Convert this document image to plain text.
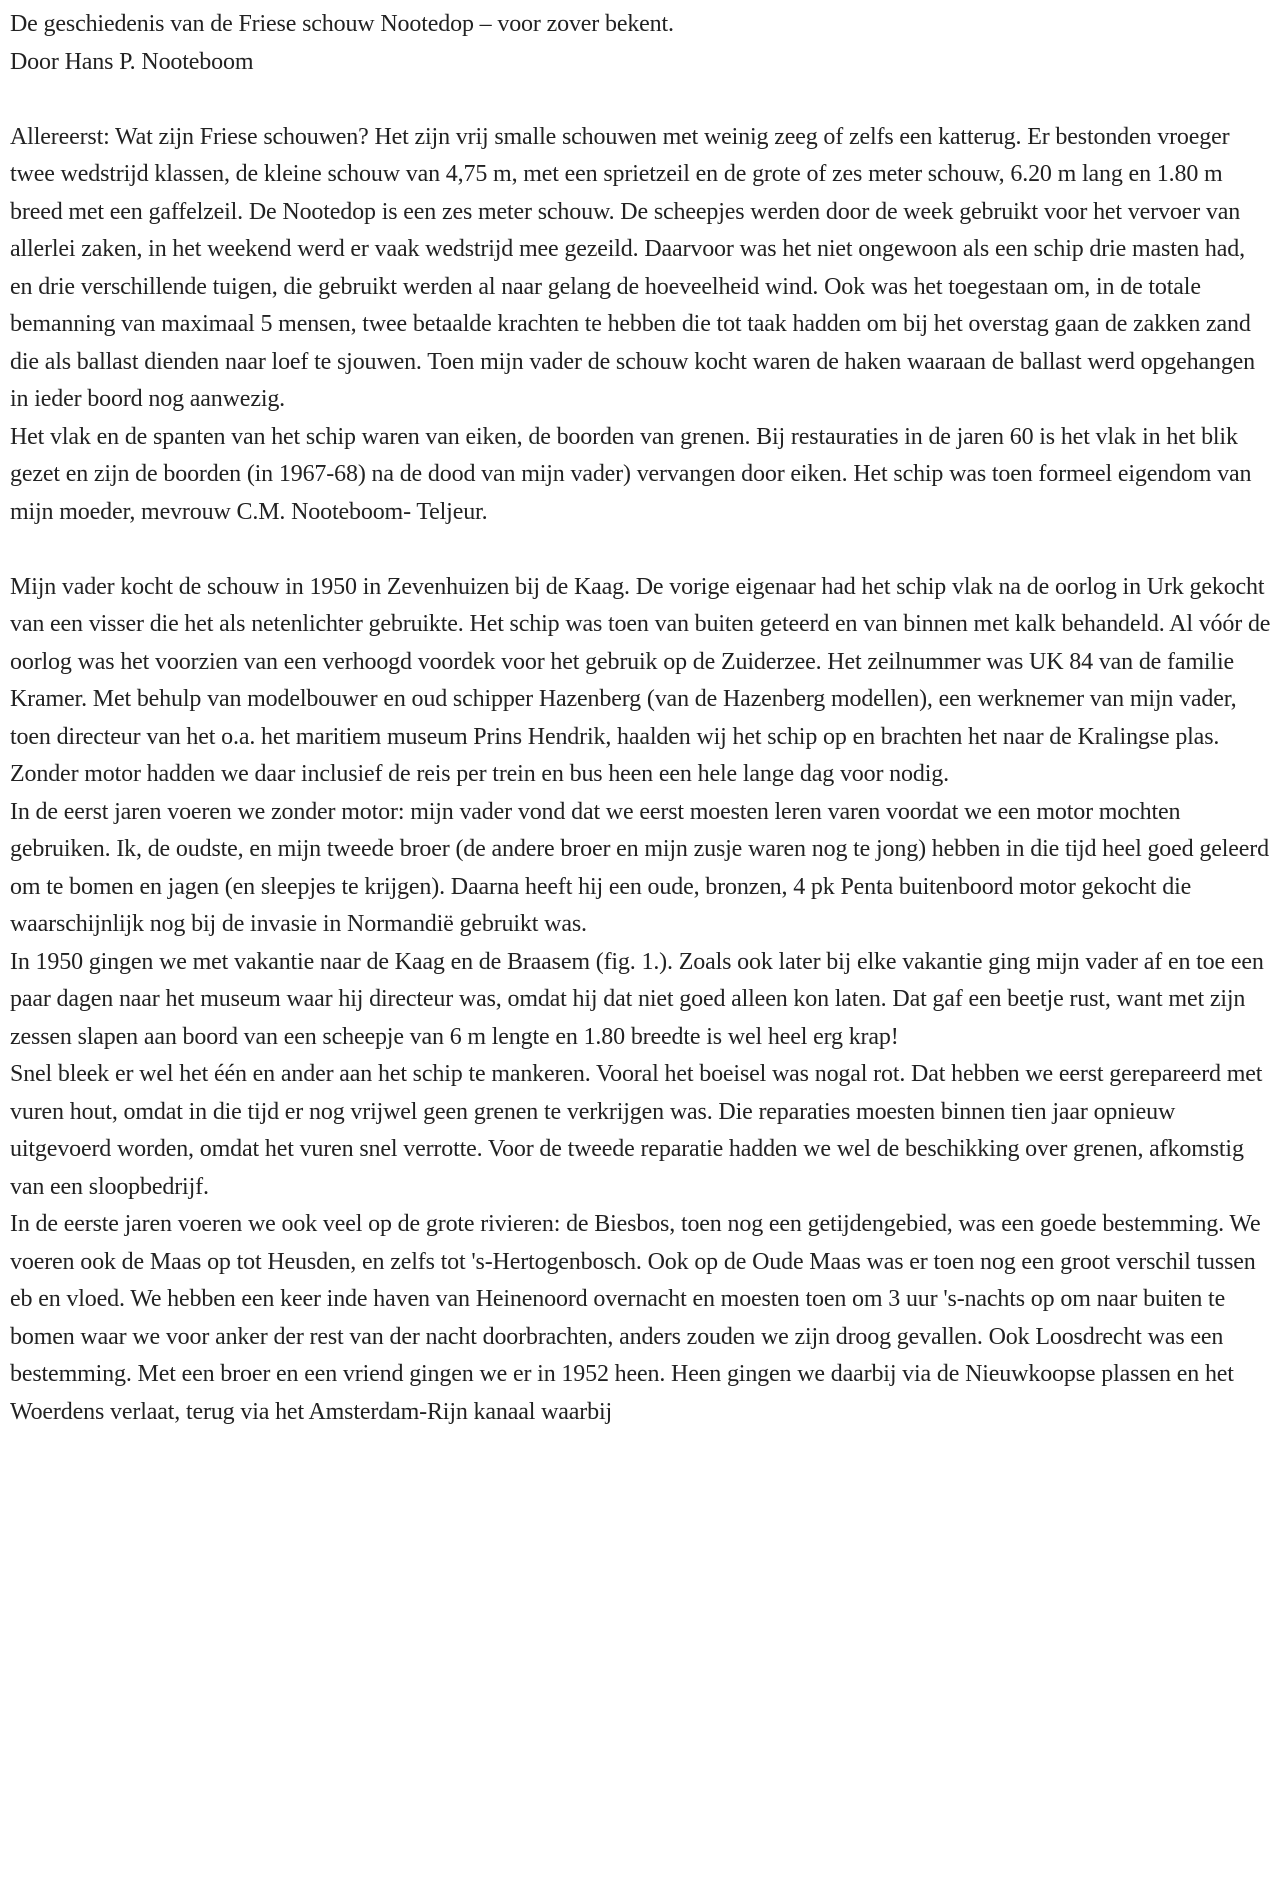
De geschiedenis van de Friese schouw Nootedop – voor zover bekent.

Door Hans P. Nooteboom

Allereerst: Wat zijn Friese schouwen? Het zijn vrij smalle schouwen met weinig zeeg of zelfs een katterug. Er bestonden vroeger twee wedstrijd klassen, de kleine schouw van 4,75 m, met een sprietzeil en de grote of zes meter schouw, 6.20 m lang en 1.80 m breed met een gaffelzeil. De Nootedop is een zes meter schouw. De scheepjes werden door de week gebruikt voor het vervoer van allerlei zaken, in het weekend werd er vaak wedstrijd mee gezeild. Daarvoor was het niet ongewoon als een schip drie masten had, en drie verschillende tuigen, die gebruikt werden al naar gelang de hoeveelheid wind. Ook was het toegestaan om, in de totale bemanning van maximaal 5 mensen, twee betaalde krachten te hebben die tot taak hadden om bij het overstag gaan de zakken zand die als ballast dienden naar loef te sjouwen. Toen mijn vader de schouw kocht waren de haken waaraan de ballast werd opgehangen in ieder boord nog aanwezig.

Het vlak en de spanten van het schip waren van eiken, de boorden van grenen. Bij restauraties in de jaren 60 is het vlak in het blik gezet en zijn de boorden (in 1967-68) na de dood van mijn vader) vervangen door eiken. Het schip was toen formeel eigendom van mijn moeder, mevrouw C.M. Nooteboom- Teljeur.

Mijn vader kocht de schouw in 1950 in Zevenhuizen bij de Kaag. De vorige eigenaar had het schip vlak na de oorlog in Urk gekocht van een visser die het als netenlichter gebruikte. Het schip was toen van buiten geteerd en van binnen met kalk behandeld. Al vóór de oorlog was het voorzien van een verhoogd voordek voor het gebruik op de Zuiderzee. Het zeilnummer was UK 84 van de familie Kramer. Met behulp van modelbouwer en oud schipper Hazenberg (van de Hazenberg modellen), een werknemer van mijn vader, toen directeur van het o.a. het maritiem museum Prins Hendrik, haalden wij het schip op en brachten het naar de Kralingse plas. Zonder motor hadden we daar inclusief de reis per trein en bus heen een hele lange dag voor nodig.

In de eerst jaren voeren we zonder motor: mijn vader vond dat we eerst moesten leren varen voordat we een motor mochten gebruiken. Ik, de oudste, en mijn tweede broer (de andere broer en mijn zusje waren nog te jong) hebben in die tijd heel goed geleerd om te bomen en jagen (en sleepjes te krijgen). Daarna heeft hij een oude, bronzen, 4 pk Penta buitenboord motor gekocht die waarschijnlijk nog bij de invasie in Normandië gebruikt was.

In 1950 gingen we met vakantie naar de Kaag en de Braasem (fig. 1.). Zoals ook later bij elke vakantie ging mijn vader af en toe een paar dagen naar het museum waar hij directeur was, omdat hij dat niet goed alleen kon laten. Dat gaf een beetje rust, want met zijn zessen slapen aan boord van een scheepje van 6 m lengte en 1.80 breedte is wel heel erg krap!

Snel bleek er wel het één en ander aan het schip te mankeren. Vooral het boeisel was nogal rot. Dat hebben we eerst gerepareerd met vuren hout, omdat in die tijd er nog vrijwel geen grenen te verkrijgen was. Die reparaties moesten binnen tien jaar opnieuw uitgevoerd worden, omdat het vuren snel verrotte. Voor de tweede reparatie hadden we wel de beschikking over grenen, afkomstig van een sloopbedrijf.

In de eerste jaren voeren we ook veel op de grote rivieren: de Biesbos, toen nog een getijdengebied, was een goede bestemming. We voeren ook de Maas op tot Heusden, en zelfs tot 's-Hertogenbosch. Ook op de Oude Maas was er toen nog een groot verschil tussen eb en vloed. We hebben een keer inde haven van Heinenoord overnacht en moesten toen om 3 uur 's-nachts op om naar buiten te bomen waar we voor anker der rest van der nacht doorbrachten, anders zouden we zijn droog gevallen. Ook Loosdrecht was een bestemming. Met een broer en een vriend gingen we er in 1952 heen. Heen gingen we daarbij via de Nieuwkoopse plassen en het Woerdens verlaat, terug via het Amsterdam-Rijn kanaal waarbij
